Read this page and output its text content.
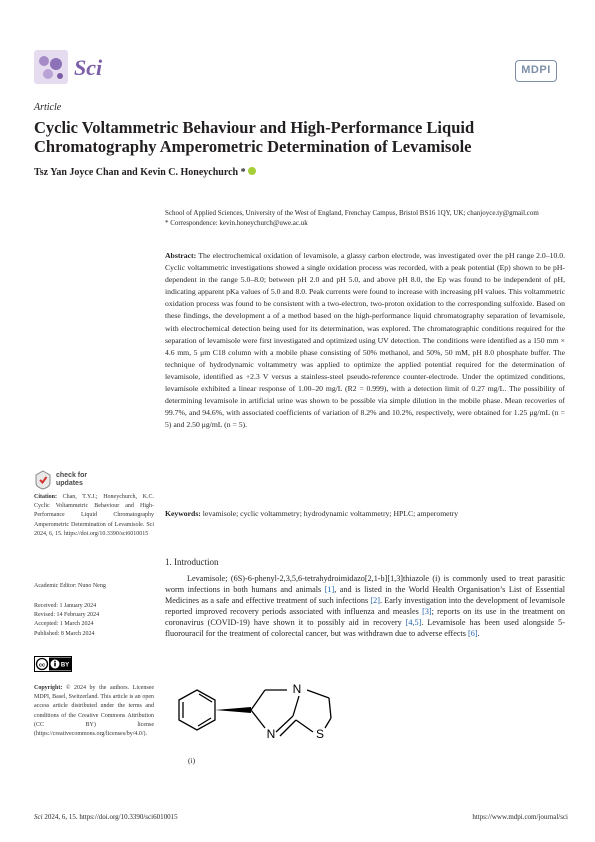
Sci	MDPI
Article
Cyclic Voltammetric Behaviour and High-Performance Liquid Chromatography Amperometric Determination of Levamisole
Tsz Yan Joyce Chan and Kevin C. Honeychurch *
School of Applied Sciences, University of the West of England, Frenchay Campus, Bristol BS16 1QY, UK; chanjoyce.ty@gmail.com
* Correspondence: kevin.honeychurch@uwe.ac.uk
Abstract: The electrochemical oxidation of levamisole, a glassy carbon electrode, was investigated over the pH range 2.0–10.0. Cyclic voltammetric investigations showed a single oxidation process was recorded, with a peak potential (Ep) shown to be pH-dependent in the range 5.0–8.0; between pH 2.0 and pH 5.0, and above pH 8.0, the Ep was found to be independent of pH, indicating apparent pKa values of 5.0 and 8.0. Peak currents were found to increase with increasing pH values. This voltammetric oxidation process was found to be consistent with a two-electron, two-proton oxidation to the corresponding sulfoxide. Based on these findings, the development a of a method based on the high-performance liquid chromatography separation of levamisole, with electrochemical detection being used for its determination, was explored. The chromatographic conditions required for the separation of levamisole were first investigated and optimized using UV detection. The conditions were identified as a 150 mm × 4.6 mm, 5 μm C18 column with a mobile phase consisting of 50% methanol, and 50%, 50 mM, pH 8.0 phosphate buffer. The technique of hydrodynamic voltammetry was applied to optimize the applied potential required for the determination of levamisole, identified as +2.3 V versus a stainless-steel pseudo-reference counter-electrode. Under the optimized conditions, levamisole exhibited a linear response of 1.00–20 mg/L (R2 = 0.999), with a detection limit of 0.27 mg/L. The possibility of determining levamisole in artificial urine was shown to be possible via simple dilution in the mobile phase. Mean recoveries of 99.7%, and 94.6%, with associated coefficients of variation of 8.2% and 10.2%, respectively, were obtained for 1.25 μg/mL (n = 5) and 2.50 μg/mL (n = 5).
Keywords: levamisole; cyclic voltammetry; hydrodynamic voltammetry; HPLC; amperometry
check for
updates
Citation: Chan, T.Y.J.; Honeychurch, K.C. Cyclic Voltammetric Behaviour and High-Performance Liquid Chromatography Amperometric Determination of Levamisole. Sci 2024, 6, 15. https://doi.org/10.3390/sci6010015
Academic Editor: Nuno Neng
Received: 1 January 2024
Revised: 14 February 2024
Accepted: 1 March 2024
Published: 8 March 2024
cc	BY
Copyright: © 2024 by the authors. Licensee MDPI, Basel, Switzerland. This article is an open access article distributed under the terms and conditions of the Creative Commons Attribution (CC BY) license (https://creativecommons.org/licenses/by/4.0/).
1. Introduction

Levamisole; (6S)-6-phenyl-2,3,5,6-tetrahydroimidazo[2,1-b][1,3]thiazole (i) is commonly used to treat parasitic worm infections in both humans and animals [1], and is listed in the World Health Organisation’s List of Essential Medicines as a safe and effective treatment of such infections [2]. Early investigation into the development of levamisole reported improved recovery periods associated with influenza and measles [3]; reports on its use in the treatment on coronavirus (COVID-19) have shown it to possibly aid in recovery [4,5]. Levamisole has been used alongside 5-fluorouracil for the treatment of colorectal cancer, but was withdrawn due to adverse effects [6].

N
N	S
(i)
Sci 2024, 6, 15. https://doi.org/10.3390/sci6010015	https://www.mdpi.com/journal/sci
